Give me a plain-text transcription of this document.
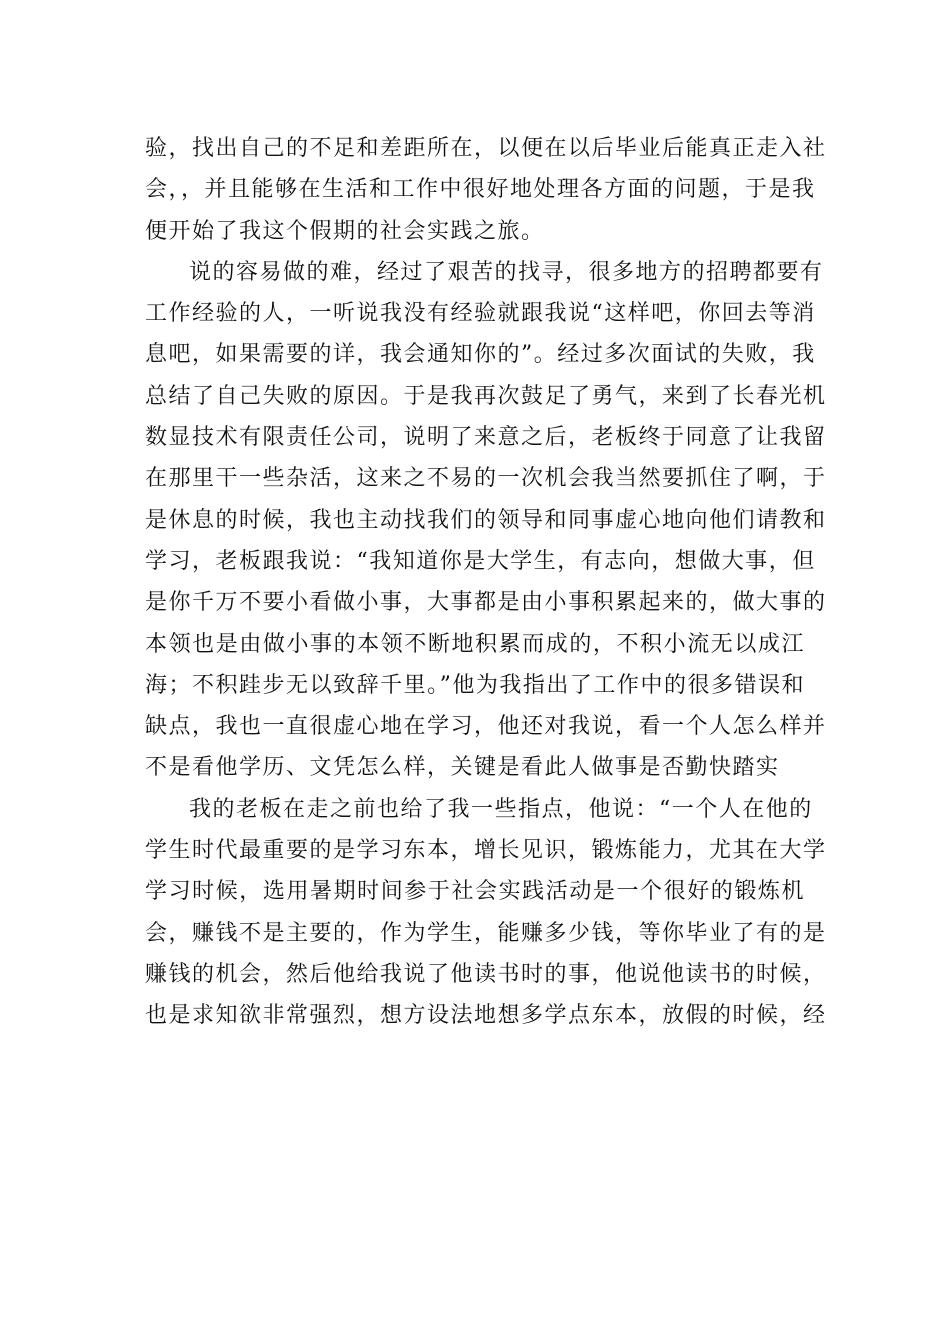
验，找出自己的不足和差距所在，以便在以后毕业后能真正走入社
会，，并且能够在生活和工作中很好地处理各方面的问题，于是我
便开始了我这个假期的社会实践之旅。
说的容易做的难，经过了艰苦的找寻，很多地方的招聘都要有
工作经验的人，一听说我没有经验就跟我说“这样吧，你回去等消
息吧，如果需要的详，我会通知你的”。经过多次面试的失败，我
总结了自己失败的原因。于是我再次鼓足了勇气，来到了长春光机
数显技术有限责任公司，说明了来意之后，老板终于同意了让我留
在那里干一些杂活，这来之不易的一次机会我当然要抓住了啊，于
是休息的时候，我也主动找我们的领导和同事虚心地向他们请教和
学习，老板跟我说：“我知道你是大学生，有志向，想做大事，但
是你千万不要小看做小事，大事都是由小事积累起来的，做大事的
本领也是由做小事的本领不断地积累而成的，不积小流无以成江
海；不积跬步无以致辞千里。”他为我指出了工作中的很多错误和
缺点，我也一直很虚心地在学习，他还对我说，看一个人怎么样并
不是看他学历、文凭怎么样，关键是看此人做事是否勤快踏实
我的老板在走之前也给了我一些指点，他说：“一个人在他的
学生时代最重要的是学习东本，增长见识，锻炼能力，尤其在大学
学习时候，选用暑期时间参于社会实践活动是一个很好的锻炼机
会，赚钱不是主要的，作为学生，能赚多少钱，等你毕业了有的是
赚钱的机会，然后他给我说了他读书时的事，他说他读书的时候，
也是求知欲非常强烈，想方设法地想多学点东本，放假的时候，经
